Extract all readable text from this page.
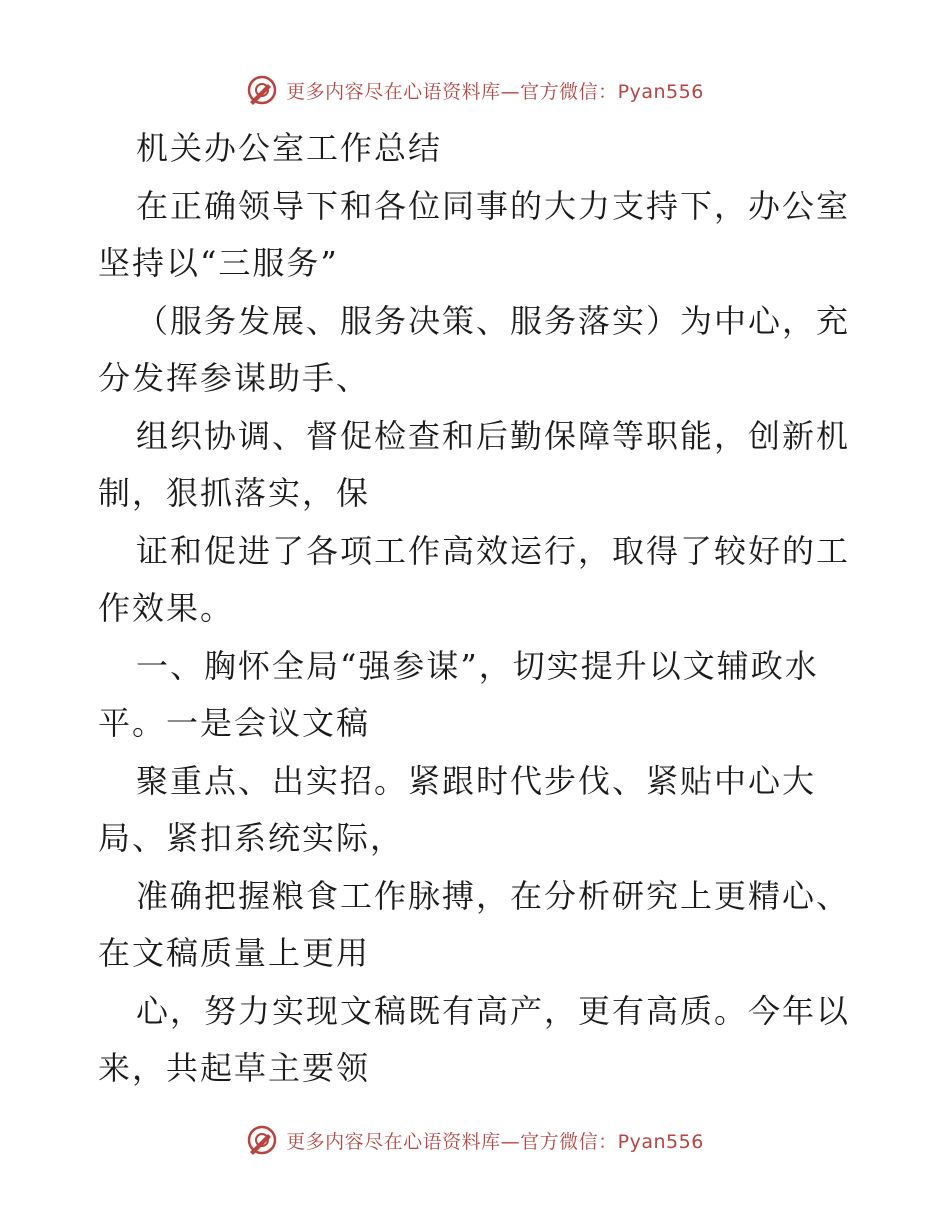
更多内容尽在心语资料库—官方微信：Pyan556

机关办公室工作总结

在正确领导下和各位同事的大力支持下，办公室

坚持以“三服务”

（服务发展、服务决策、服务落实）为中心，充

分发挥参谋助手、

组织协调、督促检查和后勤保障等职能，创新机

制，狠抓落实，保

证和促进了各项工作高效运行，取得了较好的工

作效果。

一、胸怀全局“强参谋”，切实提升以文辅政水

平。一是会议文稿

聚重点、出实招。紧跟时代步伐、紧贴中心大

局、紧扣系统实际，

准确把握粮食工作脉搏，在分析研究上更精心、

在文稿质量上更用

心，努力实现文稿既有高产，更有高质。今年以

来，共起草主要领

更多内容尽在心语资料库—官方微信：Pyan556
